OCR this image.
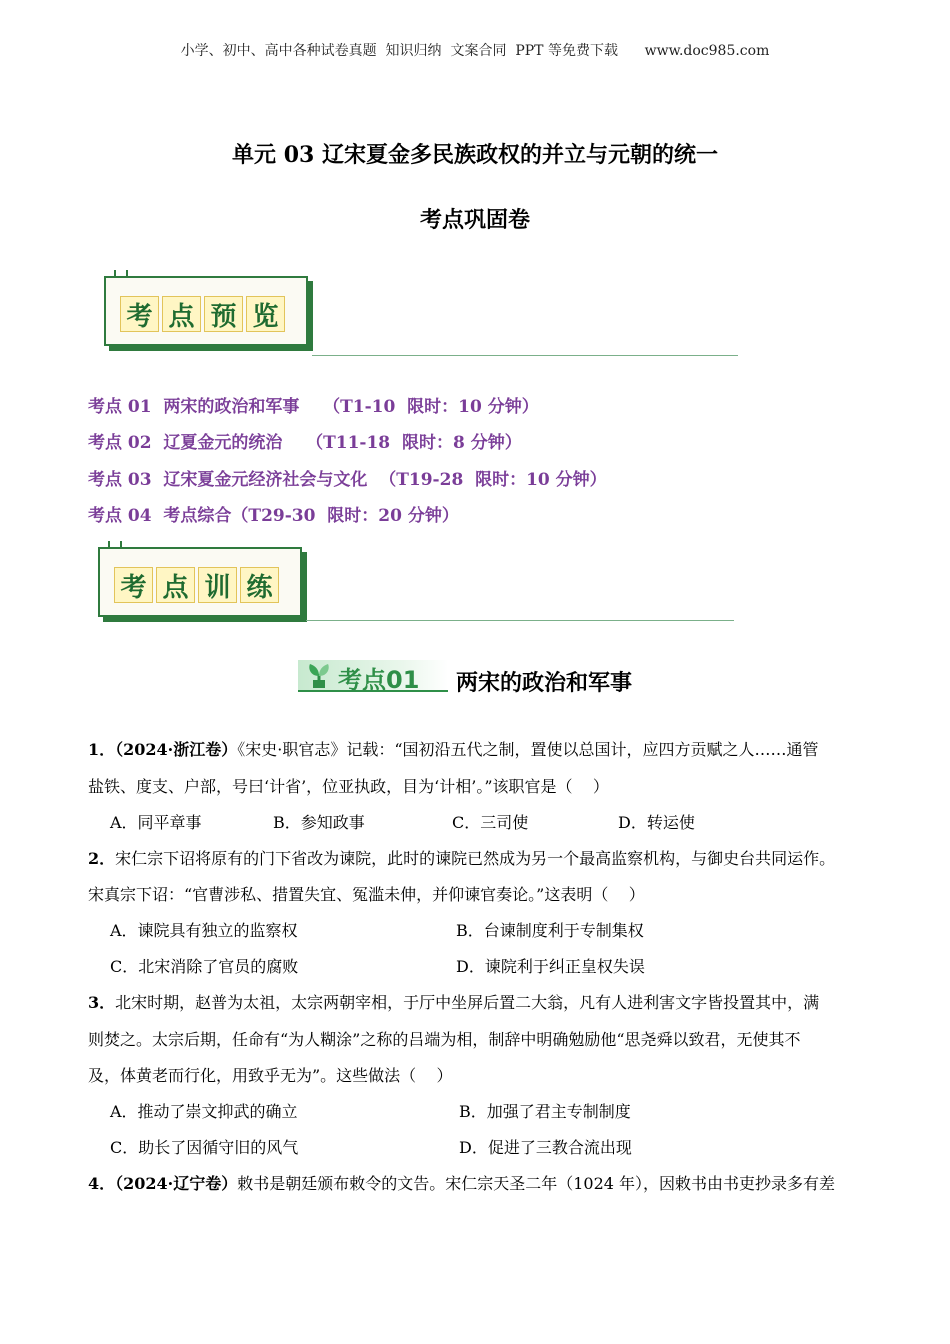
小学、初中、高中各种试卷真题  知识归纳  文案合同  PPT 等免费下载      www.doc985.com
单元 03 辽宋夏金多民族政权的并立与元朝的统一
考点巩固卷
考 点 预 览
考点 01  两宋的政治和军事    （T1-10  限时：10 分钟）
考点 02  辽夏金元的统治    （T11-18  限时：8 分钟）
考点 03  辽宋夏金元经济社会与文化  （T19-28  限时：10 分钟）
考点 04  考点综合（T29-30  限时：20 分钟）
考 点 训 练
考点01 两宋的政治和军事
1．（2024·浙江卷）《宋史·职官志》记载：“国初沿五代之制，置使以总国计，应四方贡赋之人……通管
盐铁、度支、户部，号曰‘计省’，位亚执政，目为‘计相’。”该职官是（    ）
A．同平章事	B．参知政事	C．三司使	D．转运使
2．宋仁宗下诏将原有的门下省改为谏院，此时的谏院已然成为另一个最高监察机构，与御史台共同运作。
宋真宗下诏：“官曹涉私、措置失宜、冤滥未伸，并仰谏官奏论。”这表明（    ）
A．谏院具有独立的监察权	B．台谏制度利于专制集权
C．北宋消除了官员的腐败	D．谏院利于纠正皇权失误
3．北宋时期，赵普为太祖，太宗两朝宰相，于厅中坐屏后置二大翁，凡有人进利害文字皆投置其中，满
则焚之。太宗后期，任命有“为人糊涂”之称的吕端为相，制辞中明确勉励他“思尧舜以致君，无使其不
及，体黄老而行化，用致乎无为”。这些做法（    ）
A．推动了崇文抑武的确立	B．加强了君主专制制度
C．助长了因循守旧的风气	D．促进了三教合流出现
4．（2024·辽宁卷）敕书是朝廷颁布敕令的文告。宋仁宗天圣二年（1024 年），因敕书由书吏抄录多有差
